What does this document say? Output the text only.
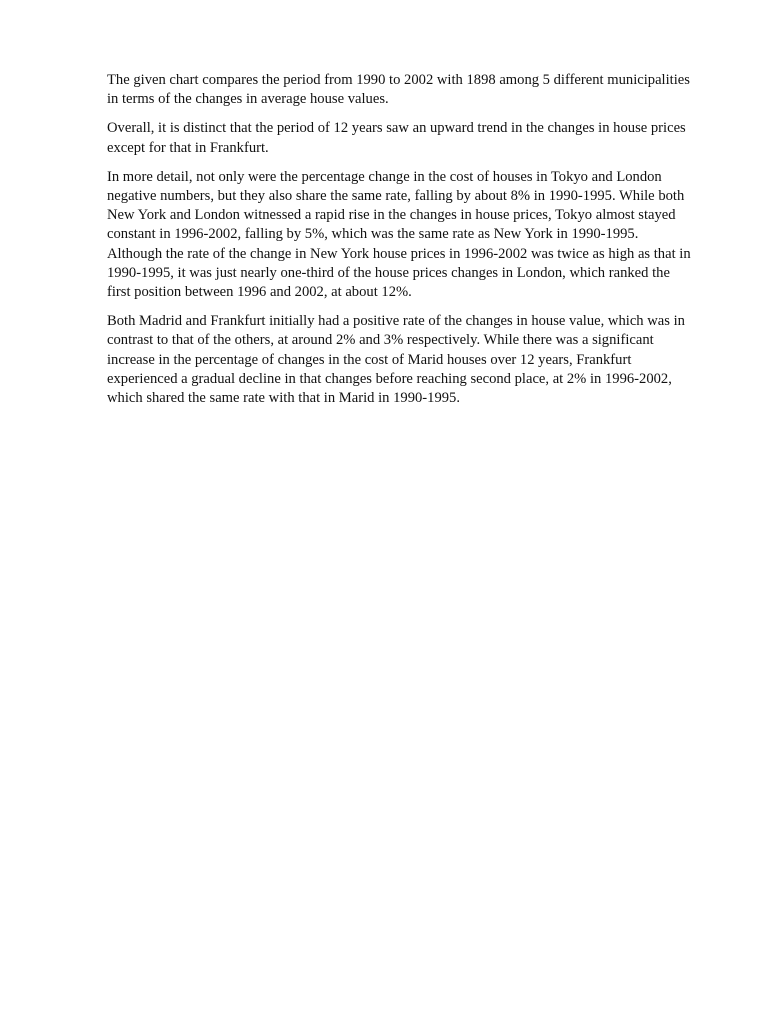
The given chart compares the period from 1990 to 2002 with 1898 among 5 different municipalities in terms of the changes in average house values.

Overall, it is distinct that the period of 12 years saw an upward trend in the changes in house prices except for that in Frankfurt.

In more detail, not only were the percentage change in the cost of houses in Tokyo and London negative numbers, but they also share the same rate, falling by about 8% in 1990-1995. While both New York and London witnessed a rapid rise in the changes in house prices, Tokyo almost stayed constant in 1996-2002, falling by 5%, which was the same rate as New York in 1990-1995. Although the rate of the change in New York house prices in 1996-2002 was twice as high as that in 1990-1995, it was just nearly one-third of the house prices changes in London, which ranked the first position between 1996 and 2002, at about 12%.

Both Madrid and Frankfurt initially had a positive rate of the changes in house value, which was in contrast to that of the others, at around 2% and 3% respectively. While there was a significant increase in the percentage of changes in the cost of Marid houses over 12 years, Frankfurt experienced a gradual decline in that changes before reaching second place, at 2% in 1996-2002, which shared the same rate with that in Marid in 1990-1995.
